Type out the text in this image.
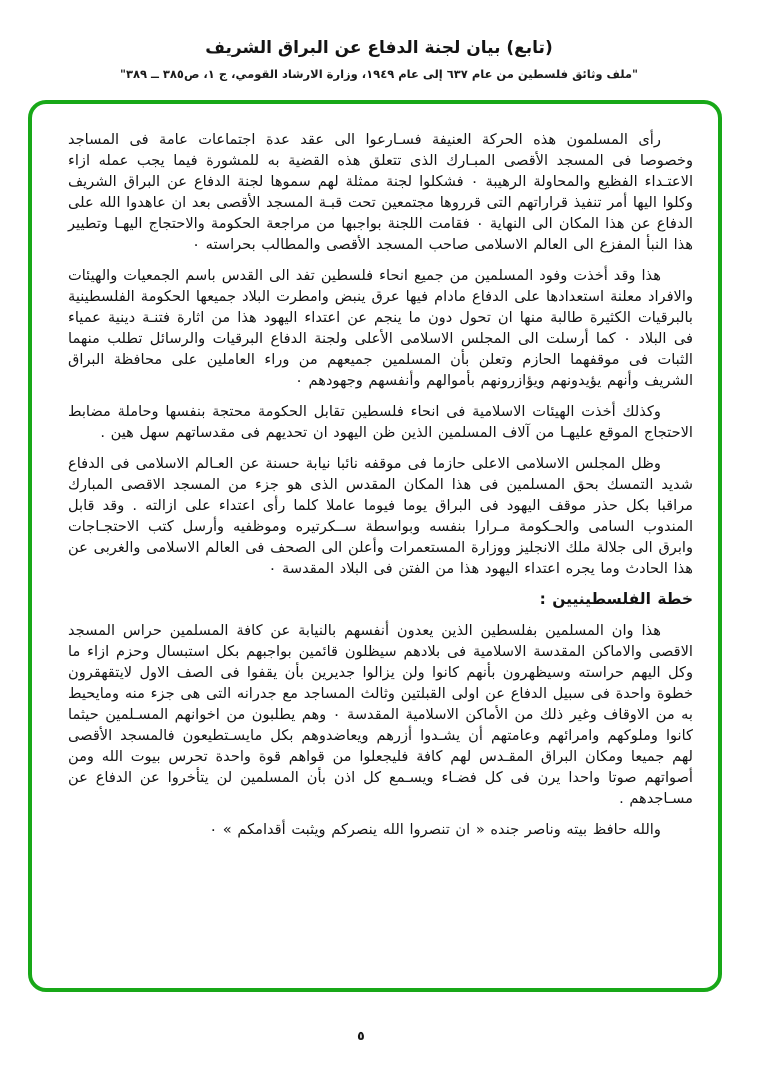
(تابع) بيان لجنة الدفاع عن البراق الشريف

"ملف وثائق فلسطين من عام ٦٣٧ إلى عام ١٩٤٩، وزارة الارشاد القومي، ج ١، ص٣٨٥ ــ ٣٨٩"

رأى المسلمون هذه الحركة العنيفة فسـارعوا الى عقد عدة اجتماعات عامة فى المساجد وخصوصا فى المسجد الأقصى المبـارك الذى تتعلق هذه القضية به للمشورة فيما يجب عمله ازاء الاعتـداء الفظيع والمحاولة الرهيبة ٠ فشكلوا لجنة ممثلة لهم سموها لجنة الدفاع عن البراق الشريف وكلوا اليها أمر تنفيذ قراراتهم التى قرروها مجتمعين تحت قبـة المسجد الأقصى بعد ان عاهدوا الله على الدفاع عن هذا المكان الى النهاية ٠ فقامت اللجنة بواجبها من مراجعة الحكومة والاحتجاج اليهـا وتطيير هذا النبأ المفزع الى العالم الاسلامى صاحب المسجد الأقصى والمطالب بحراسته ٠

هذا وقد أخذت وفود المسلمين من جميع انحاء فلسطين تفد الى القدس باسم الجمعيات والهيئات والافراد معلنة استعدادها على الدفاع مادام فيها عرق ينبض وامطرت البلاد جميعها الحكومة الفلسطينية بالبرقيات الكثيرة طالبة منها ان تحول دون ما ينجم عن اعتداء اليهود هذا من اثارة فتنـة دينية عمياء فى البلاد ٠ كما أرسلت الى المجلس الاسلامى الأعلى ولجنة الدفاع البرقيات والرسائل تطلب منهما الثبات فى موقفهما الحازم وتعلن بأن المسلمين جميعهم من وراء العاملين على محافظة البراق الشريف وأنهم يؤيدونهم ويؤازرونهم بأموالهم وأنفسهم وجهودهم ٠

وكذلك أخذت الهيئات الاسلامية فى انحاء فلسطين تقابل الحكومة محتجة بنفسها وحاملة مضابط الاحتجاج الموقع عليهـا من آلاف المسلمين الذين ظن اليهود ان تحديهم فى مقدساتهم سهل هين .

وظل المجلس الاسلامى الاعلى حازما فى موقفه نائبا نيابة حسنة عن العـالم الاسلامى فى الدفاع شديد التمسك بحق المسلمين فى هذا المكان المقدس الذى هو جزء من المسجد الاقصى المبارك مراقبا بكل حذر موقف اليهود فى البراق يوما فيوما عاملا كلما رأى اعتداء على ازالته . وقد قابل المندوب السامى والحـكومة مـرارا بنفسه وبواسطة ســكرتيره وموظفيه وأرسل كتب الاحتجـاجات وابرق الى جلالة ملك الانجليز ووزارة المستعمرات وأعلن الى الصحف فى العالم الاسلامى والغربى عن هذا الحادث وما يجره اعتداء اليهود هذا من الفتن فى البلاد المقدسة ٠

خطة الفلسطينيين :

هذا وان المسلمين بفلسطين الذين يعدون أنفسهم بالنيابة عن كافة المسلمين حراس المسجد الاقصى والاماكن المقدسة الاسلامية فى بلادهم سيظلون قائمين بواجبهم بكل استبسال وحزم ازاء ما وكل اليهم حراسته وسيظهرون بأنهم كانوا ولن يزالوا جديرين بأن يقفوا فى الصف الاول لايتقهقرون خطوة واحدة فى سبيل الدفاع عن اولى القبلتين وثالث المساجد مع جدرانه التى هى جزء منه ومايحيط به من الاوقاف وغير ذلك من الأماكن الاسلامية المقدسة ٠ وهم يطلبون من اخوانهم المسـلمين حيثما كانوا وملوكهم وامرائهم وعامتهم أن يشـدوا أزرهم ويعاضدوهم بكل مايسـتطيعون فالمسجد الأقصى لهم جميعا ومكان البراق المقـدس لهم كافة فليجعلوا من قواهم قوة واحدة تحرس بيوت الله ومن أصواتهم صوتا واحدا يرن فى كل فضـاء ويسـمع كل اذن بأن المسلمين لن يتأخروا عن الدفاع عن مسـاجدهم .

والله حافظ بيته وناصر جنده « ان تنصروا الله ينصركم ويثبت أقدامكم » ٠

٥
